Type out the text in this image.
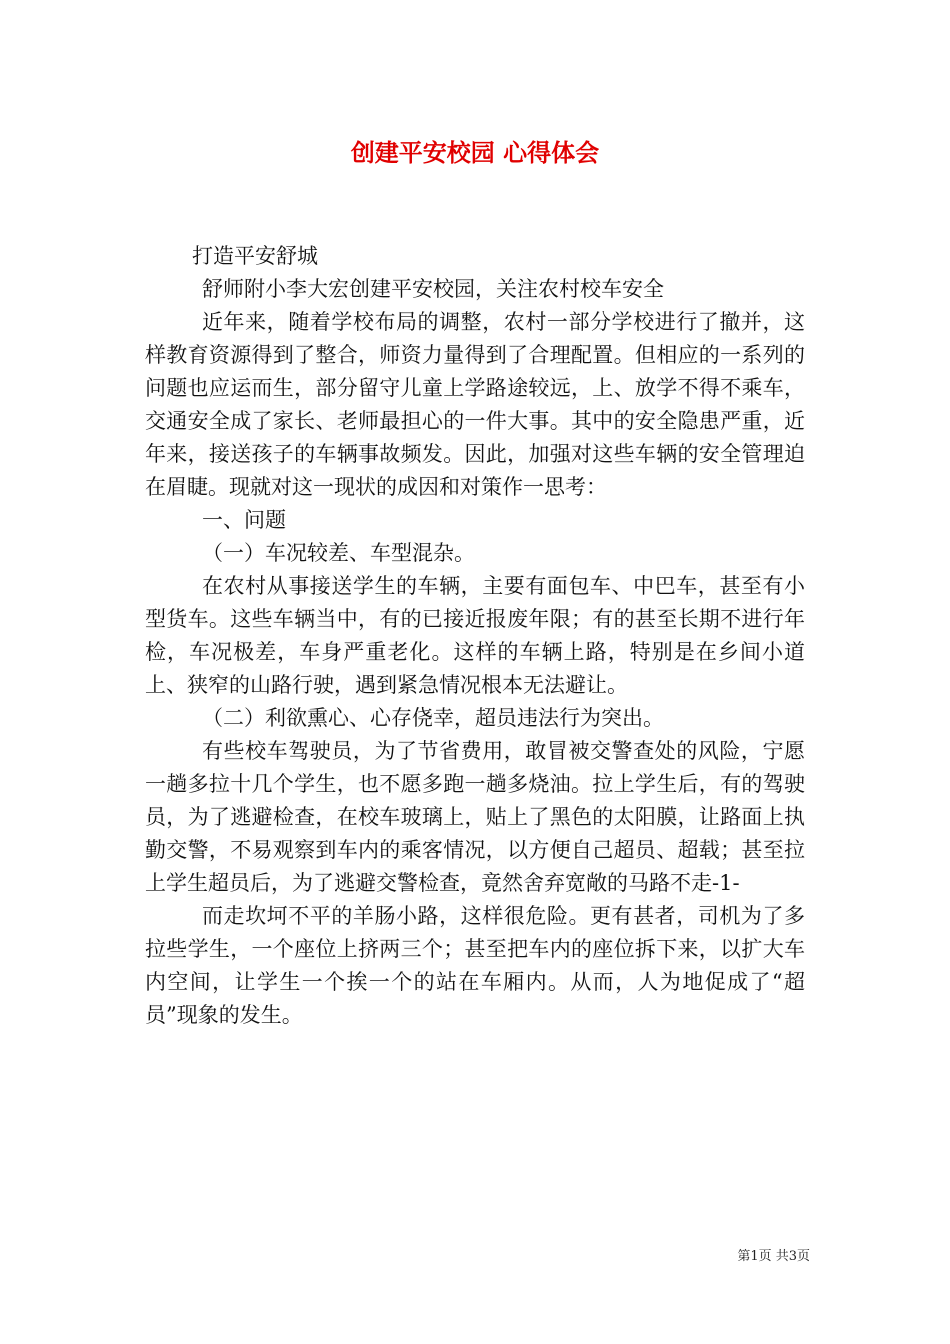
创建平安校园 心得体会

打造平安舒城

舒师附小李大宏创建平安校园，关注农村校车安全

近年来，随着学校布局的调整，农村一部分学校进行了撤并，这样教育资源得到了整合，师资力量得到了合理配置。但相应的一系列的问题也应运而生，部分留守儿童上学路途较远，上、放学不得不乘车，交通安全成了家长、老师最担心的一件大事。其中的安全隐患严重，近年来，接送孩子的车辆事故频发。因此，加强对这些车辆的安全管理迫在眉睫。现就对这一现状的成因和对策作一思考：

一、问题

（一）车况较差、车型混杂。

在农村从事接送学生的车辆，主要有面包车、中巴车，甚至有小型货车。这些车辆当中，有的已接近报废年限；有的甚至长期不进行年检，车况极差，车身严重老化。这样的车辆上路，特别是在乡间小道上、狭窄的山路行驶，遇到紧急情况根本无法避让。

（二）利欲熏心、心存侥幸，超员违法行为突出。

有些校车驾驶员，为了节省费用，敢冒被交警查处的风险，宁愿一趟多拉十几个学生，也不愿多跑一趟多烧油。拉上学生后，有的驾驶员，为了逃避检查，在校车玻璃上，贴上了黑色的太阳膜，让路面上执勤交警，不易观察到车内的乘客情况，以方便自己超员、超载；甚至拉上学生超员后，为了逃避交警检查，竟然舍弃宽敞的马路不走-1-

而走坎坷不平的羊肠小路，这样很危险。更有甚者，司机为了多拉些学生，一个座位上挤两三个；甚至把车内的座位拆下来，以扩大车内空间，让学生一个挨一个的站在车厢内。从而，人为地促成了“超员”现象的发生。

第1页 共3页
